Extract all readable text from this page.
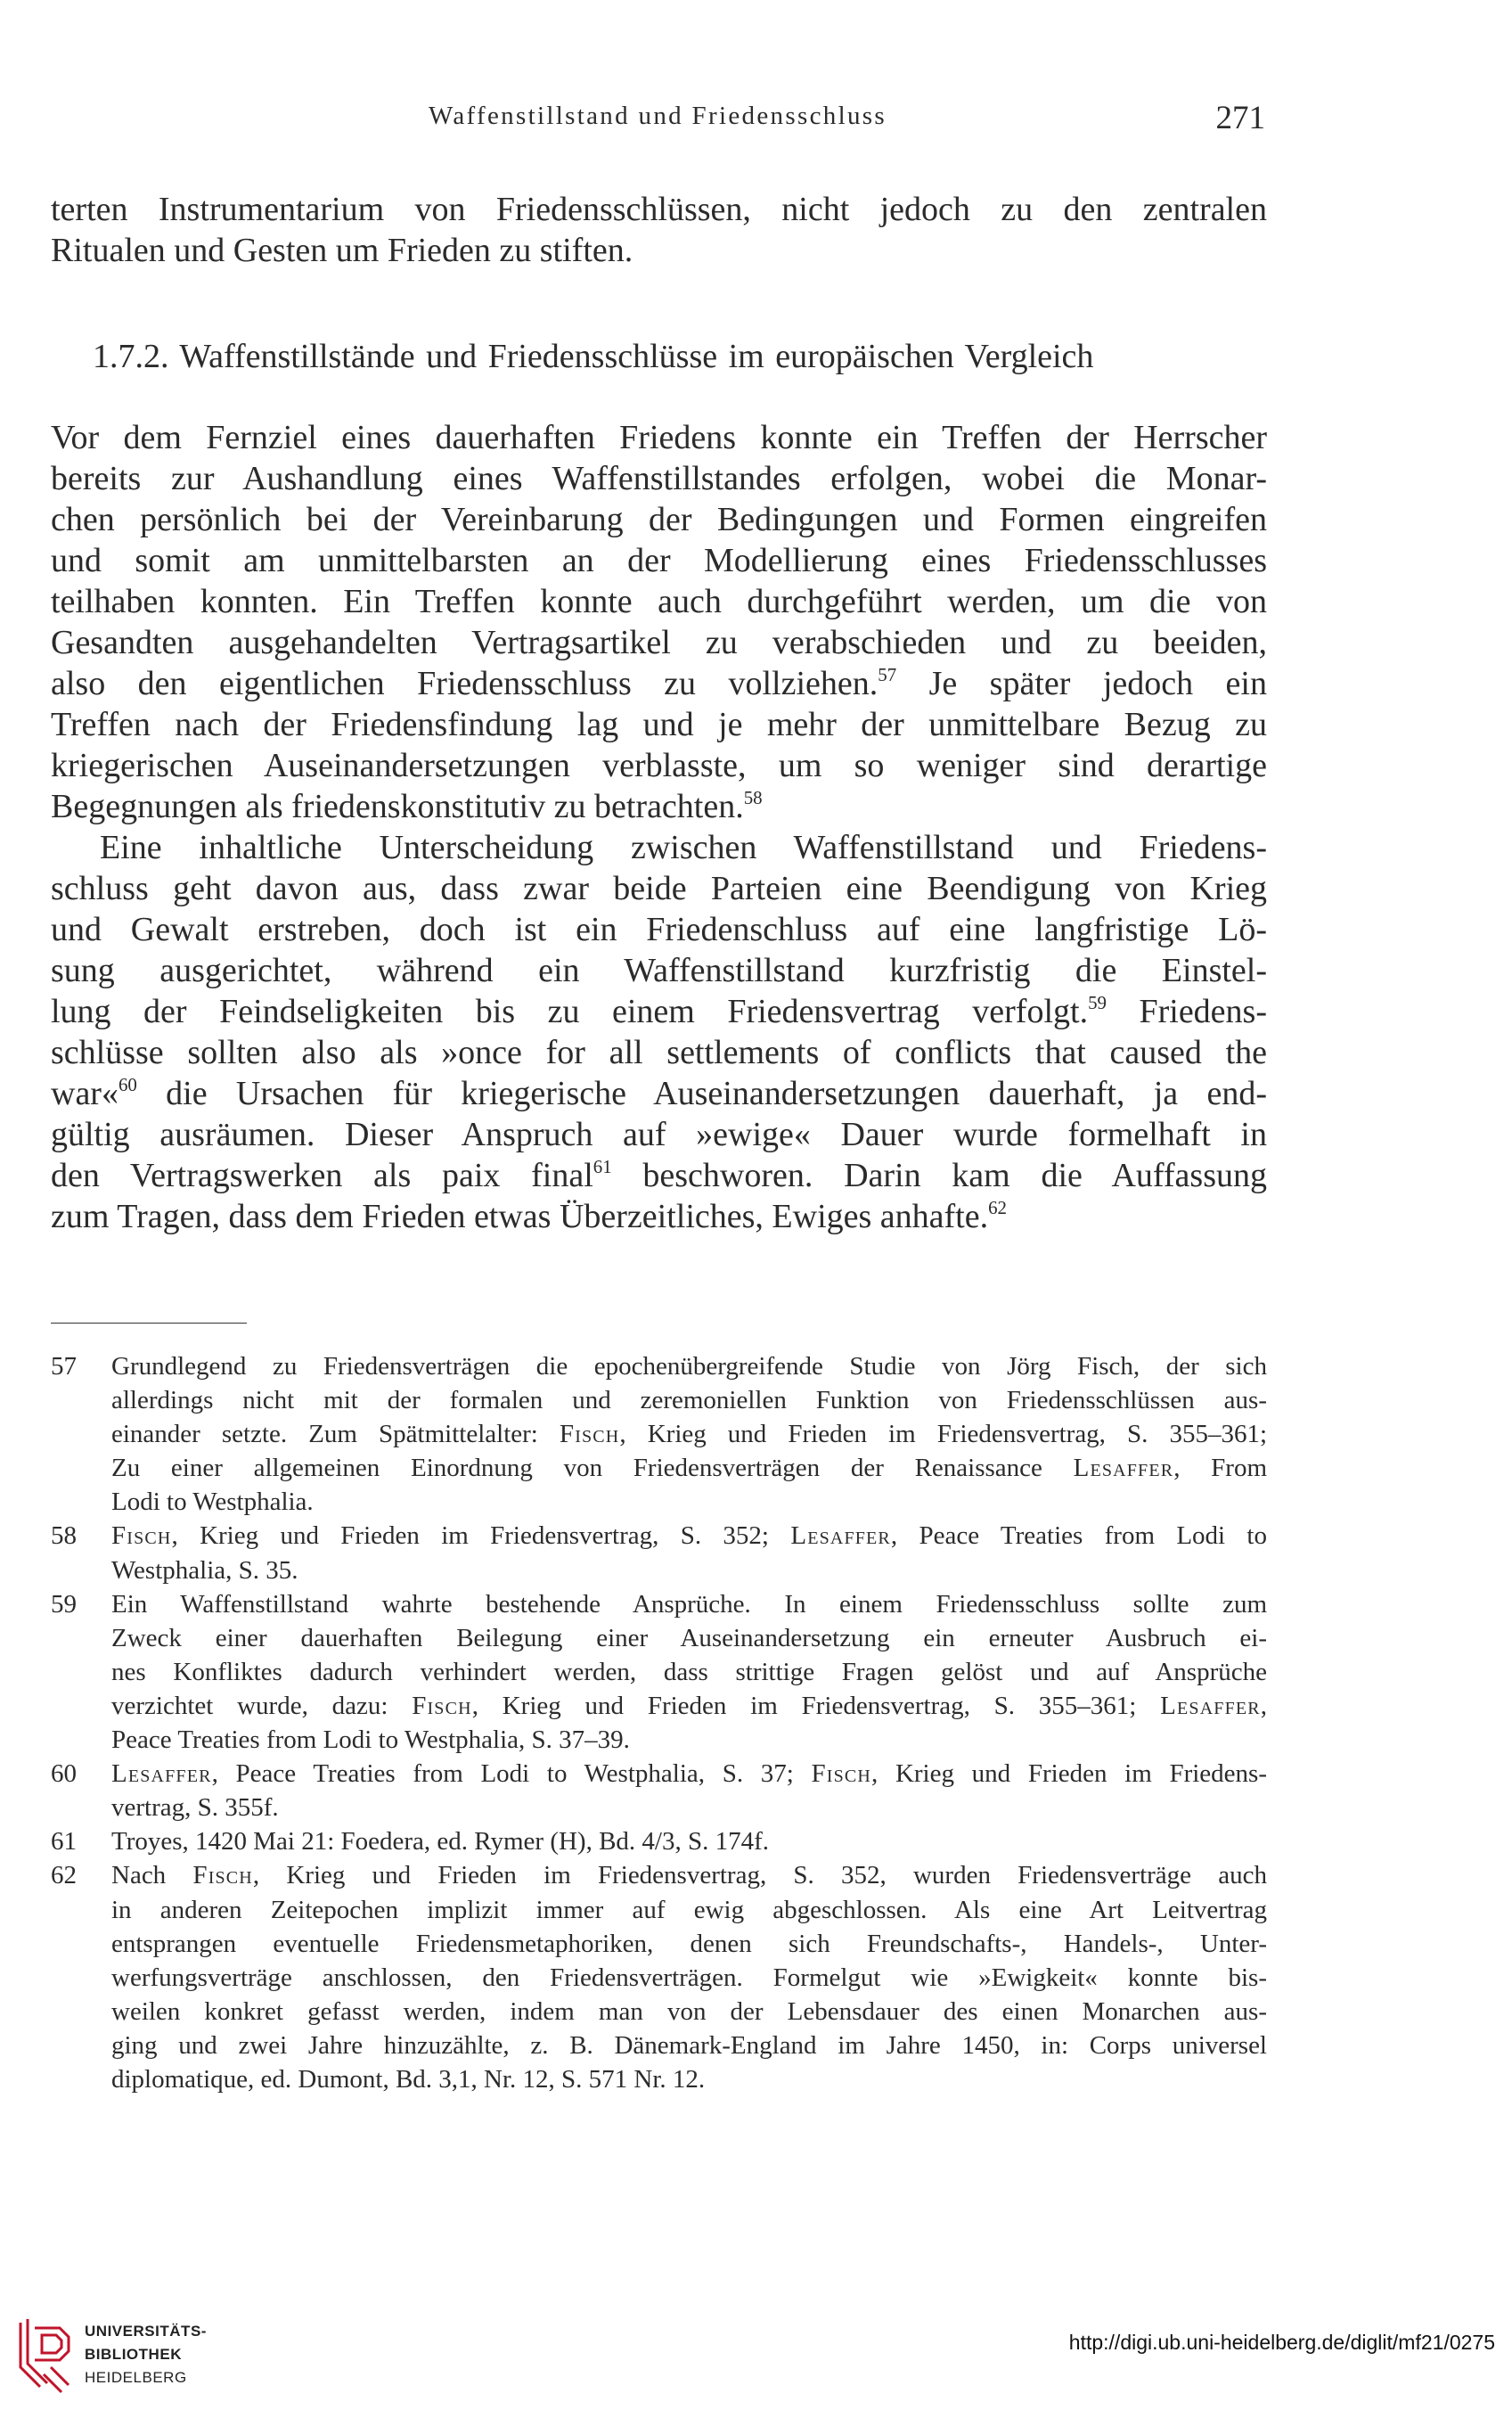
Waffenstillstand und Friedensschluss	271
terten Instrumentarium von Friedensschlüssen, nicht jedoch zu den zentralen
Ritualen und Gesten um Frieden zu stiften.
1.7.2. Waffenstillstände und Friedensschlüsse im europäischen Vergleich
Vor dem Fernziel eines dauerhaften Friedens konnte ein Treffen der Herrscher
bereits zur Aushandlung eines Waffenstillstandes erfolgen, wobei die Monar-
chen persönlich bei der Vereinbarung der Bedingungen und Formen eingreifen
und somit am unmittelbarsten an der Modellierung eines Friedensschlusses
teilhaben konnten. Ein Treffen konnte auch durchgeführt werden, um die von
Gesandten ausgehandelten Vertragsartikel zu verabschieden und zu beeiden,
also den eigentlichen Friedensschluss zu vollziehen.$^{57}$ Je später jedoch ein
Treffen nach der Friedensfindung lag und je mehr der unmittelbare Bezug zu
kriegerischen Auseinandersetzungen verblasste, um so weniger sind derartige
Begegnungen als friedenskonstitutiv zu betrachten.$^{58}$
Eine inhaltliche Unterscheidung zwischen Waffenstillstand und Friedens-
schluss geht davon aus, dass zwar beide Parteien eine Beendigung von Krieg
und Gewalt erstreben, doch ist ein Friedenschluss auf eine langfristige Lö-
sung ausgerichtet, während ein Waffenstillstand kurzfristig die Einstel-
lung der Feindseligkeiten bis zu einem Friedensvertrag verfolgt.$^{59}$ Friedens-
schlüsse sollten also als »once for all settlements of conflicts that caused the
war«$^{60}$ die Ursachen für kriegerische Auseinandersetzungen dauerhaft, ja end-
gültig ausräumen. Dieser Anspruch auf »ewige« Dauer wurde formelhaft in
den Vertragswerken als paix final$^{61}$ beschworen. Darin kam die Auffassung
zum Tragen, dass dem Frieden etwas Überzeitliches, Ewiges anhafte.$^{62}$
57 Grundlegend zu Friedensverträgen die epochenübergreifende Studie von Jörg Fisch, der sich
allerdings nicht mit der formalen und zeremoniellen Funktion von Friedensschlüssen aus-
einander setzte. Zum Spätmittelalter: Fisch, Krieg und Frieden im Friedensvertrag, S. 355–361;
Zu einer allgemeinen Einordnung von Friedensverträgen der Renaissance Lesaffer, From
Lodi to Westphalia.
58 Fisch, Krieg und Frieden im Friedensvertrag, S. 352; Lesaffer, Peace Treaties from Lodi to
Westphalia, S. 35.
59 Ein Waffenstillstand wahrte bestehende Ansprüche. In einem Friedensschluss sollte zum
Zweck einer dauerhaften Beilegung einer Auseinandersetzung ein erneuter Ausbruch ei-
nes Konfliktes dadurch verhindert werden, dass strittige Fragen gelöst und auf Ansprüche
verzichtet wurde, dazu: Fisch, Krieg und Frieden im Friedensvertrag, S. 355–361; Lesaffer,
Peace Treaties from Lodi to Westphalia, S. 37–39.
60 Lesaffer, Peace Treaties from Lodi to Westphalia, S. 37; Fisch, Krieg und Frieden im Friedens-
vertrag, S. 355f.
61 Troyes, 1420 Mai 21: Foedera, ed. Rymer (H), Bd. 4/3, S. 174f.
62 Nach Fisch, Krieg und Frieden im Friedensvertrag, S. 352, wurden Friedensverträge auch
in anderen Zeitepochen implizit immer auf ewig abgeschlossen. Als eine Art Leitvertrag
entsprangen eventuelle Friedensmetaphoriken, denen sich Freundschafts-, Handels-, Unter-
werfungsverträge anschlossen, den Friedensverträgen. Formelgut wie »Ewigkeit« konnte bis-
weilen konkret gefasst werden, indem man von der Lebensdauer des einen Monarchen aus-
ging und zwei Jahre hinzuzählte, z. B. Dänemark-England im Jahre 1450, in: Corps universel
diplomatique, ed. Dumont, Bd. 3,1, Nr. 12, S. 571 Nr. 12.
UNIVERSITÄTS-
BIBLIOTHEK
HEIDELBERG
http://digi.ub.uni-heidelberg.de/diglit/mf21/0275
